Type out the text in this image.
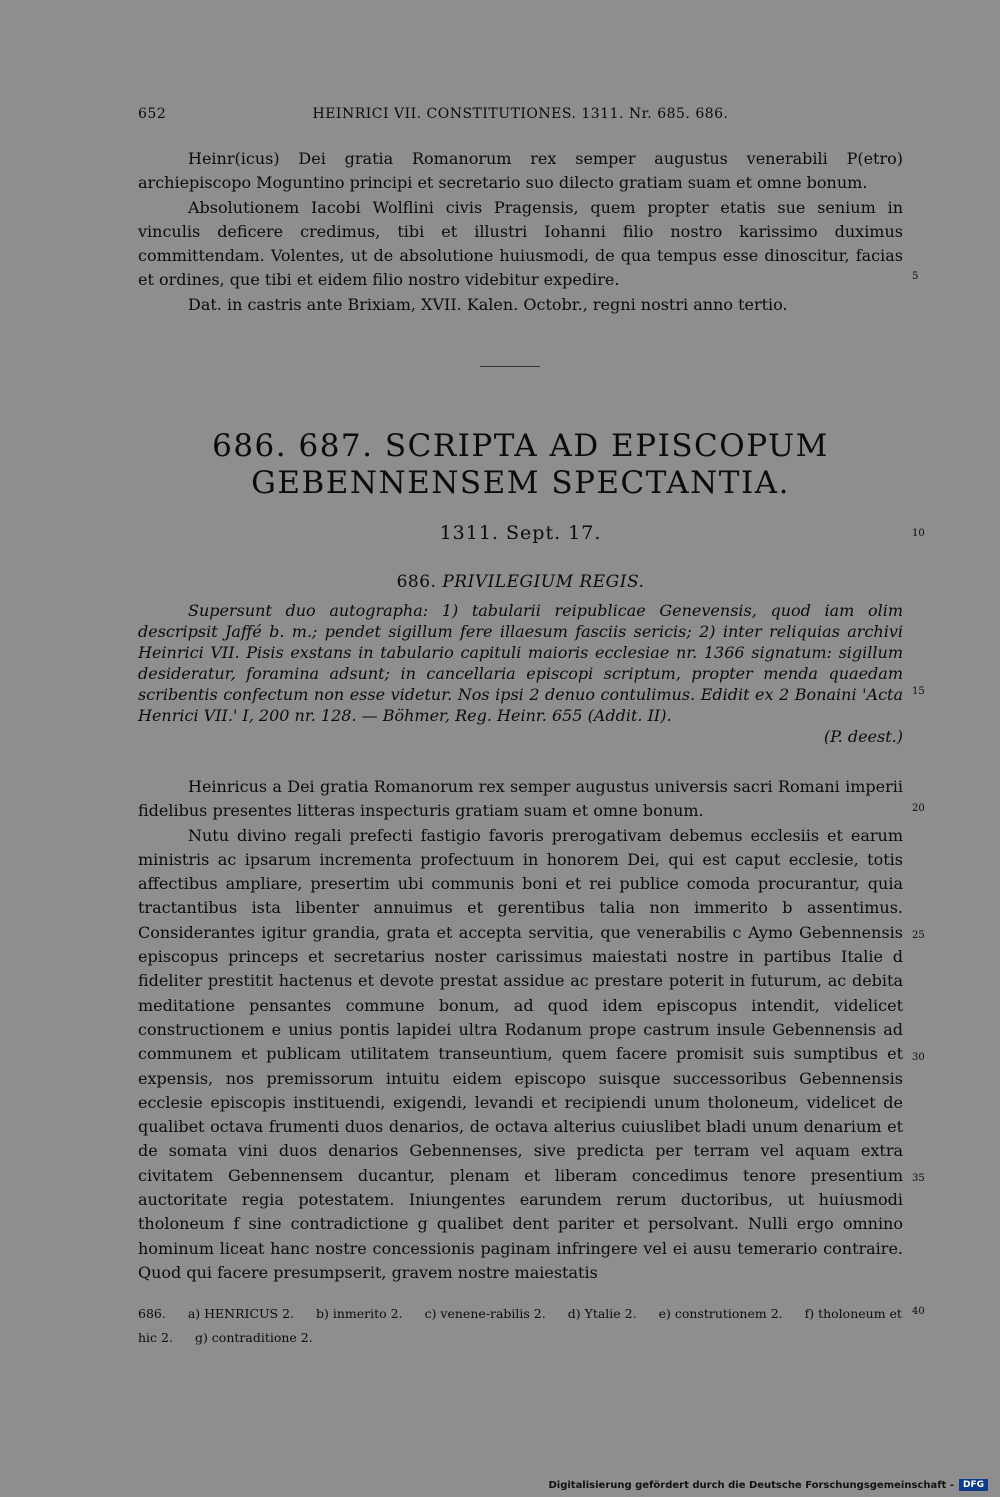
652	HEINRICI VII. CONSTITUTIONES. 1311. Nr. 685. 686.

Heinr(icus) Dei gratia Romanorum rex semper augustus venerabili P(etro) archiepiscopo Moguntino principi et secretario suo dilecto gratiam suam et omne bonum.

Absolutionem Iacobi Wolflini civis Pragensis, quem propter etatis sue senium in vinculis deficere credimus, tibi et illustri Iohanni filio nostro karissimo duximus committendam. Volentes, ut de absolutione huiusmodi, de qua tempus esse dinoscitur, facias et ordines, que tibi et eidem filio nostro videbitur expedire.

Dat. in castris ante Brixiam, XVII. Kalen. Octobr., regni nostri anno tertio.

5
686. 687. SCRIPTA AD EPISCOPUM
GEBENNENSEM SPECTANTIA.
1311. Sept. 17.	10
686. PRIVILEGIUM REGIS.

Supersunt duo autographa: 1) tabularii reipublicae Genevensis, quod iam olim descripsit Jaffé b. m.; pendet sigillum fere illaesum fasciis sericis; 2) inter reliquias archivi Heinrici VII. Pisis exstans in tabulario capituli maioris ecclesiae nr. 1366 signatum: sigillum desideratur, foramina adsunt; in cancellaria episcopi scriptum, propter menda quaedam scribentis confectum non esse videtur. Nos ipsi 2 denuo contulimus. Edidit ex 2 Bonaini 'Acta Henrici VII.' I, 200 nr. 128. — Böhmer, Reg. Heinr. 655 (Addit. II).
(P. deest.)

15

Heinricus a Dei gratia Romanorum rex semper augustus universis sacri Romani imperii fidelibus presentes litteras inspecturis gratiam suam et omne bonum.

Nutu divino regali prefecti fastigio favoris prerogativam debemus ecclesiis et earum ministris ac ipsarum incrementa profectuum in honorem Dei, qui est caput ecclesie, totis affectibus ampliare, presertim ubi communis boni et rei publice comoda procurantur, quia tractantibus ista libenter annuimus et gerentibus talia non immerito b assentimus. Considerantes igitur grandia, grata et accepta servitia, que venerabilis c Aymo Gebennensis episcopus princeps et secretarius noster carissimus maiestati nostre in partibus Italie d fideliter prestitit hactenus et devote prestat assidue ac prestare poterit in futurum, ac debita meditatione pensantes commune bonum, ad quod idem episcopus intendit, videlicet constructionem e unius pontis lapidei ultra Rodanum prope castrum insule Gebennensis ad communem et publicam utilitatem transeuntium, quem facere promisit suis sumptibus et expensis, nos premissorum intuitu eidem episcopo suisque successoribus Gebennensis ecclesie episcopis instituendi, exigendi, levandi et recipiendi unum tholoneum, videlicet de qualibet octava frumenti duos denarios, de octava alterius cuiuslibet bladi unum denarium et de somata vini duos denarios Gebennenses, sive predicta per terram vel aquam extra civitatem Gebennensem ducantur, plenam et liberam concedimus tenore presentium auctoritate regia potestatem. Iniungentes earundem rerum ductoribus, ut huiusmodi tholoneum f sine contradictione g qualibet dent pariter et persolvant. Nulli ergo omnino hominum liceat hanc nostre concessionis paginam infringere vel ei ausu temerario contraire. Quod qui facere presumpserit, gravem nostre maiestatis

20
25
30
35
686. a) HENRICUS 2. b) inmerito 2. c) venene-rabilis 2. d) Ytalie 2. e) construtionem 2. f) tholoneum et hic 2. g) contraditione 2.
40
Digitalisierung gefördert durch die Deutsche Forschungsgemeinschaft -	DFG
